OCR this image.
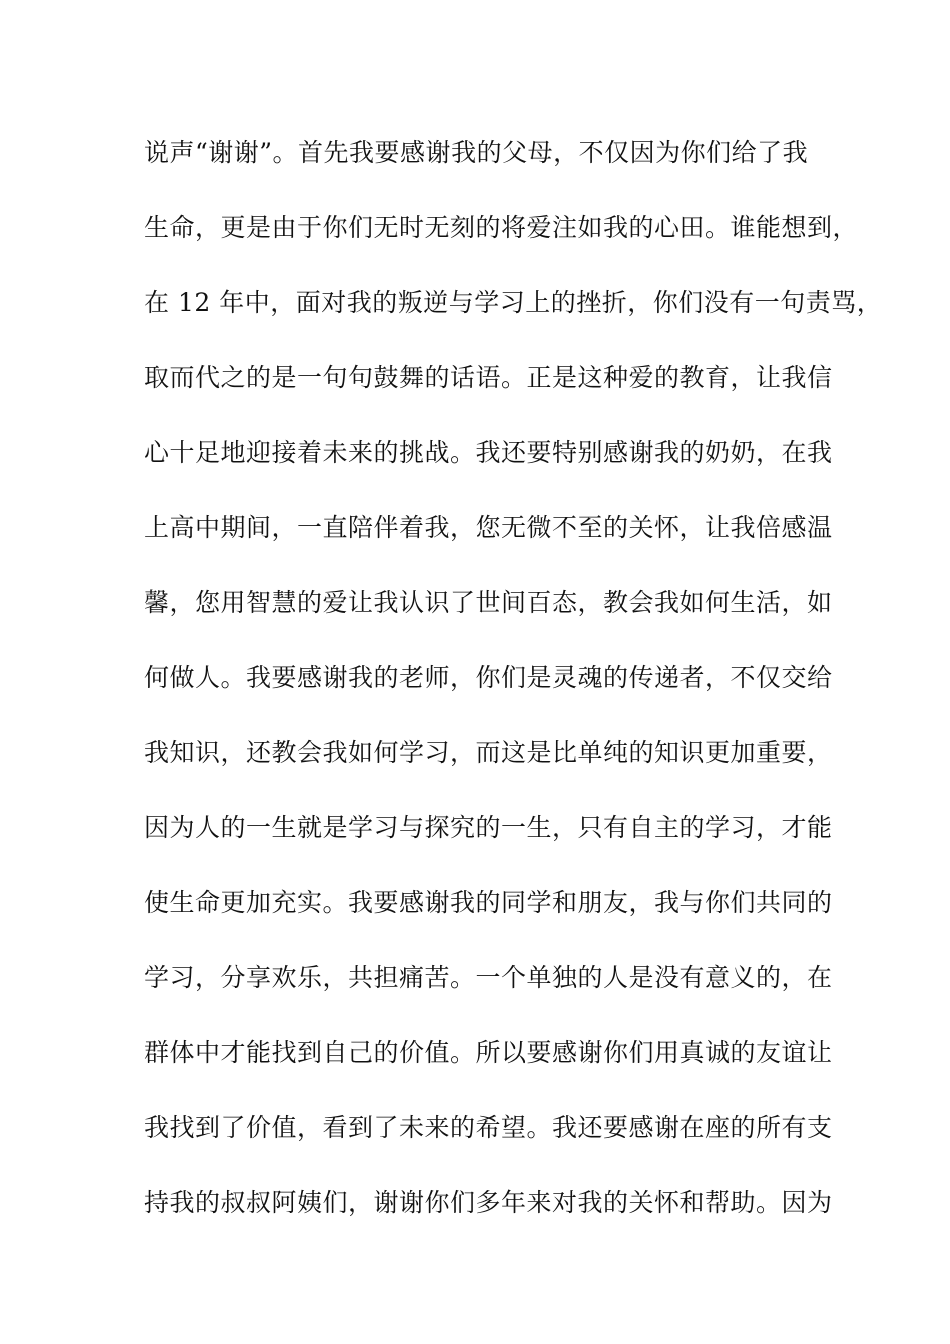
说声“谢谢”。首先我要感谢我的父母，不仅因为你们给了我
生命，更是由于你们无时无刻的将爱注如我的心田。谁能想到，
在 12 年中，面对我的叛逆与学习上的挫折，你们没有一句责骂，
取而代之的是一句句鼓舞的话语。正是这种爱的教育，让我信
心十足地迎接着未来的挑战。我还要特别感谢我的奶奶，在我
上高中期间，一直陪伴着我，您无微不至的关怀，让我倍感温
馨，您用智慧的爱让我认识了世间百态，教会我如何生活，如
何做人。我要感谢我的老师，你们是灵魂的传递者，不仅交给
我知识，还教会我如何学习，而这是比单纯的知识更加重要，
因为人的一生就是学习与探究的一生，只有自主的学习，才能
使生命更加充实。我要感谢我的同学和朋友，我与你们共同的
学习，分享欢乐，共担痛苦。一个单独的人是没有意义的，在
群体中才能找到自己的价值。所以要感谢你们用真诚的友谊让
我找到了价值，看到了未来的希望。我还要感谢在座的所有支
持我的叔叔阿姨们，谢谢你们多年来对我的关怀和帮助。因为
